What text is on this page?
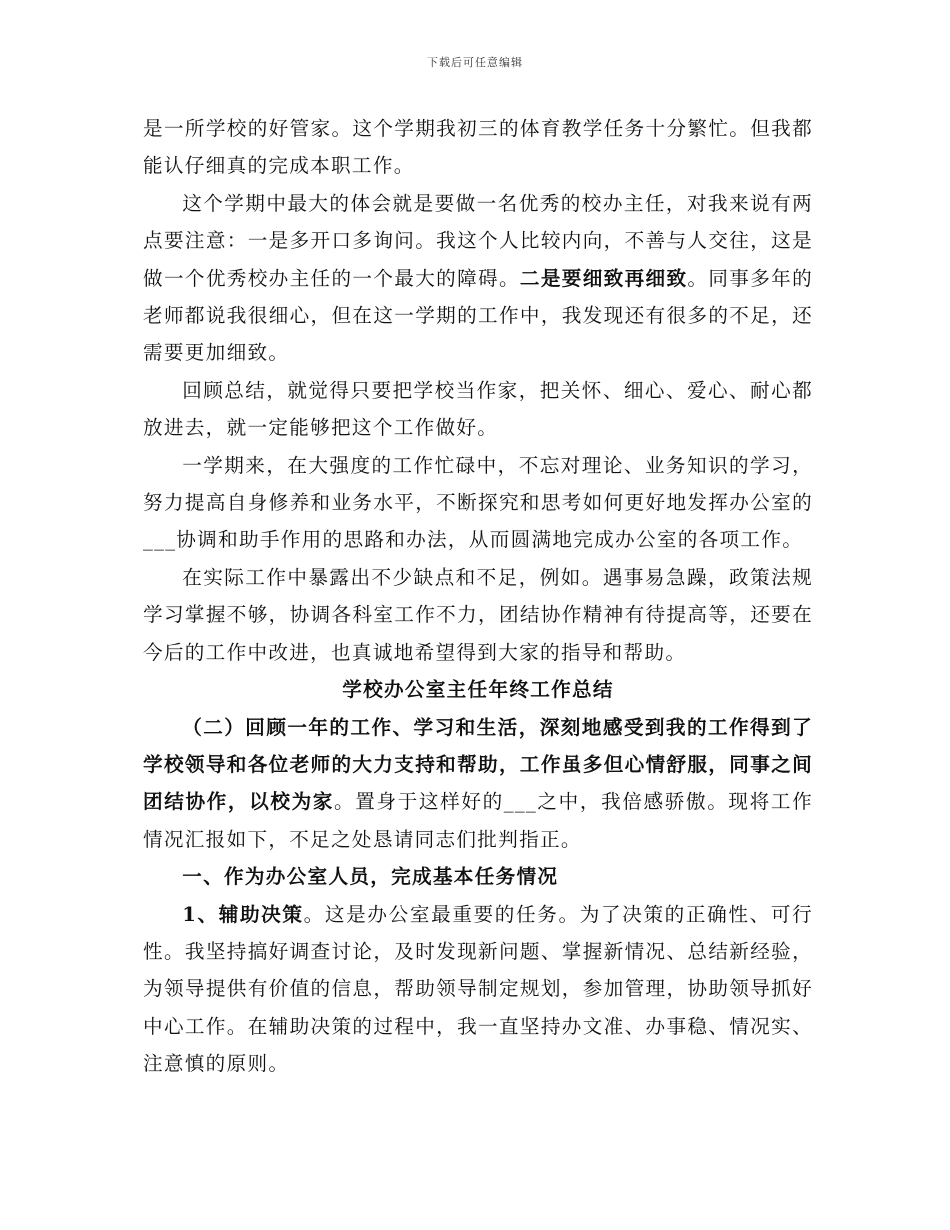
下载后可任意编辑

是一所学校的好管家。这个学期我初三的体育教学任务十分繁忙。但我都能认仔细真的完成本职工作。

这个学期中最大的体会就是要做一名优秀的校办主任，对我来说有两点要注意：一是多开口多询问。我这个人比较内向，不善与人交往，这是做一个优秀校办主任的一个最大的障碍。二是要细致再细致。同事多年的老师都说我很细心，但在这一学期的工作中，我发现还有很多的不足，还需要更加细致。

回顾总结，就觉得只要把学校当作家，把关怀、细心、爱心、耐心都放进去，就一定能够把这个工作做好。

一学期来，在大强度的工作忙碌中，不忘对理论、业务知识的学习，努力提高自身修养和业务水平，不断探究和思考如何更好地发挥办公室的___协调和助手作用的思路和办法，从而圆满地完成办公室的各项工作。

在实际工作中暴露出不少缺点和不足，例如。遇事易急躁，政策法规学习掌握不够，协调各科室工作不力，团结协作精神有待提高等，还要在今后的工作中改进，也真诚地希望得到大家的指导和帮助。

学校办公室主任年终工作总结

（二）回顾一年的工作、学习和生活，深刻地感受到我的工作得到了学校领导和各位老师的大力支持和帮助，工作虽多但心情舒服，同事之间团结协作，以校为家。置身于这样好的___之中，我倍感骄傲。现将工作情况汇报如下，不足之处恳请同志们批判指正。

一、作为办公室人员，完成基本任务情况

1、辅助决策。这是办公室最重要的任务。为了决策的正确性、可行性。我坚持搞好调查讨论，及时发现新问题、掌握新情况、总结新经验，为领导提供有价值的信息，帮助领导制定规划，参加管理，协助领导抓好中心工作。在辅助决策的过程中，我一直坚持办文准、办事稳、情况实、注意慎的原则。
